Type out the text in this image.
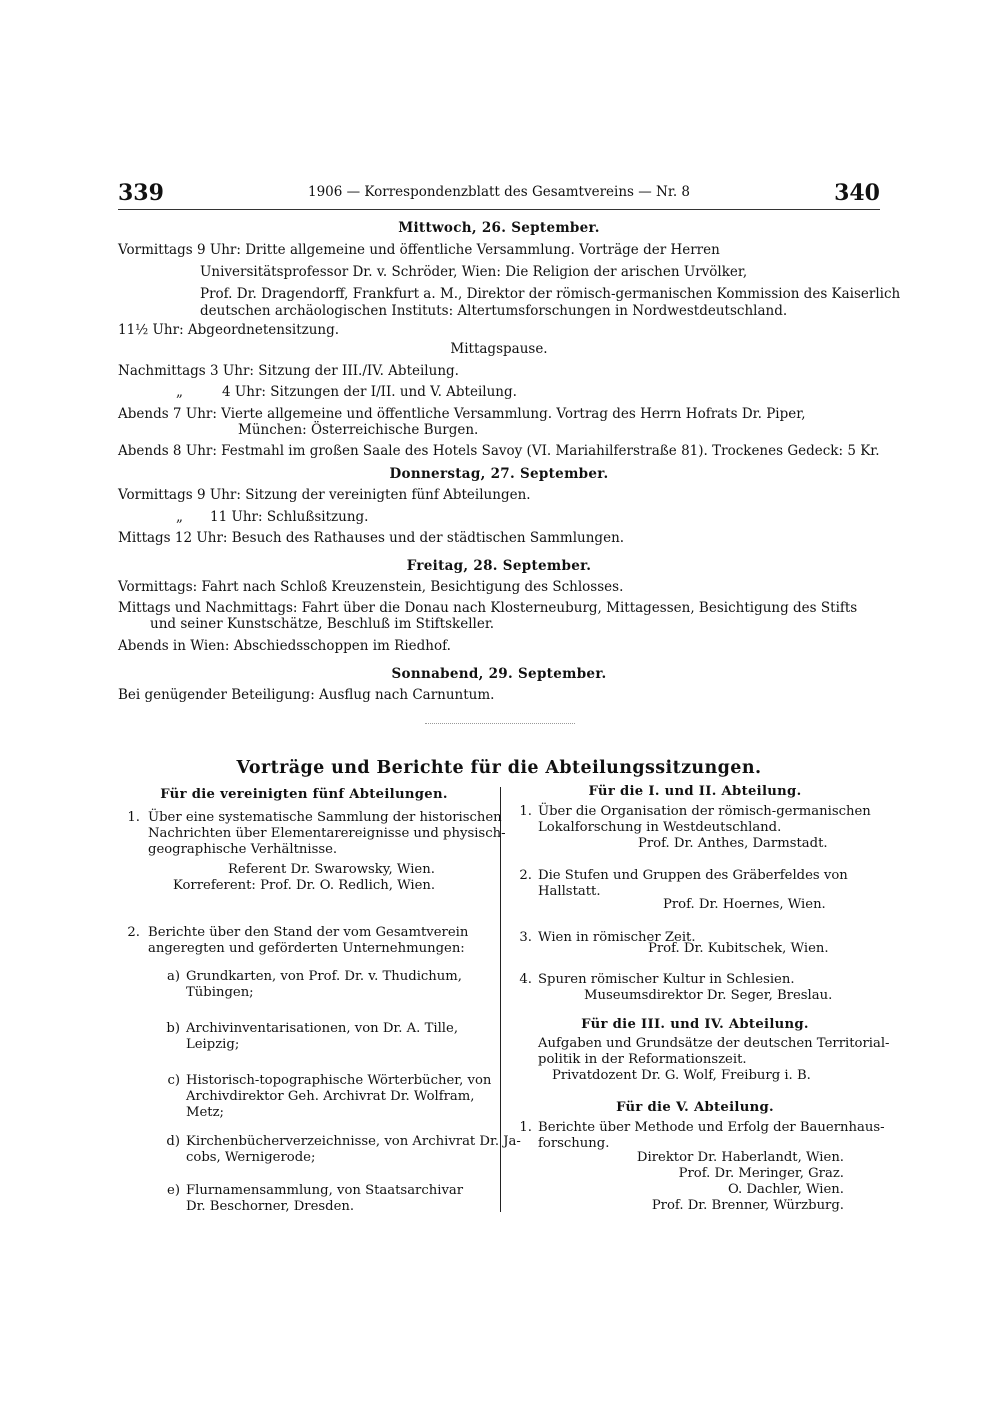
339	1906 — Korrespondenzblatt des Gesamtvereins — Nr. 8	340
Mittwoch, 26. September.
Vormittags 9 Uhr: Dritte allgemeine und öffentliche Versammlung. Vorträge der Herren
Universitätsprofessor Dr. v. Schröder, Wien: Die Religion der arischen Urvölker,
Prof. Dr. Dragendorff, Frankfurt a. M., Direktor der römisch-germanischen Kommission des Kaiserlich
deutschen archäologischen Instituts: Altertumsforschungen in Nordwestdeutschland.
11½ Uhr: Abgeordnetensitzung.
Mittagspause.
Nachmittags 3 Uhr: Sitzung der III./IV. Abteilung.
„	4 Uhr: Sitzungen der I/II. und V. Abteilung.
Abends 7 Uhr: Vierte allgemeine und öffentliche Versammlung. Vortrag des Herrn Hofrats Dr. Piper,
München: Österreichische Burgen.
Abends 8 Uhr: Festmahl im großen Saale des Hotels Savoy (VI. Mariahilferstraße 81). Trockenes Gedeck: 5 Kr.
Donnerstag, 27. September.
Vormittags 9 Uhr: Sitzung der vereinigten fünf Abteilungen.
„ 11 Uhr: Schlußsitzung.
Mittags 12 Uhr: Besuch des Rathauses und der städtischen Sammlungen.
Freitag, 28. September.
Vormittags: Fahrt nach Schloß Kreuzenstein, Besichtigung des Schlosses.
Mittags und Nachmittags: Fahrt über die Donau nach Klosterneuburg, Mittagessen, Besichtigung des Stifts
und seiner Kunstschätze, Beschluß im Stiftskeller.
Abends in Wien: Abschiedsschoppen im Riedhof.
Sonnabend, 29. September.
Bei genügender Beteiligung: Ausflug nach Carnuntum.
Vorträge und Berichte für die Abteilungssitzungen.
Für die vereinigten fünf Abteilungen.
1. Über eine systematische Sammlung der historischen
Nachrichten über Elementarereignisse und physisch-
geographische Verhältnisse.
Referent Dr. Swarowsky, Wien.
Korreferent: Prof. Dr. O. Redlich, Wien.
2. Berichte über den Stand der vom Gesamtverein
angeregten und geförderten Unternehmungen:
a) Grundkarten, von Prof. Dr. v. Thudichum,
Tübingen;
b) Archivinventarisationen, von Dr. A. Tille,
Leipzig;
c) Historisch-topographische Wörterbücher, von
Archivdirektor Geh. Archivrat Dr. Wolfram,
Metz;
d) Kirchenbücherverzeichnisse, von Archivrat Dr. Ja-
cobs, Wernigerode;
e) Flurnamensammlung, von Staatsarchivar
Dr. Beschorner, Dresden.
Für die I. und II. Abteilung.
1. Über die Organisation der römisch-germanischen
Lokalforschung in Westdeutschland.
Prof. Dr. Anthes, Darmstadt.
2. Die Stufen und Gruppen des Gräberfeldes von
Hallstatt.
Prof. Dr. Hoernes, Wien.
3. Wien in römischer Zeit.
Prof. Dr. Kubitschek, Wien.
4. Spuren römischer Kultur in Schlesien.
Museumsdirektor Dr. Seger, Breslau.
Für die III. und IV. Abteilung.
Aufgaben und Grundsätze der deutschen Territorial-
politik in der Reformationszeit.
Privatdozent Dr. G. Wolf, Freiburg i. B.
Für die V. Abteilung.
1. Berichte über Methode und Erfolg der Bauernhaus-
forschung.
Direktor Dr. Haberlandt, Wien.
Prof. Dr. Meringer, Graz.
O. Dachler, Wien.
Prof. Dr. Brenner, Würzburg.
